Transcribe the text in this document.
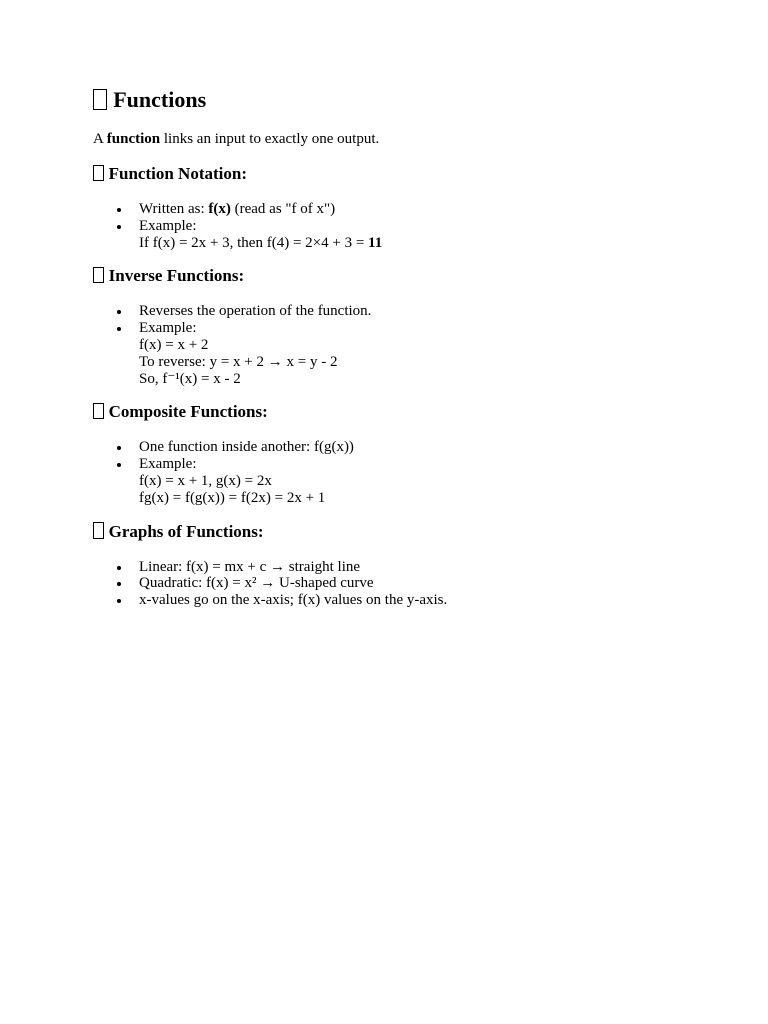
Functions

A function links an input to exactly one output.

Function Notation:
Written as: f(x) (read as "f of x")
Example:
If f(x) = 2x + 3, then f(4) = 2×4 + 3 = 11
Inverse Functions:
Reverses the operation of the function.
Example:
f(x) = x + 2
To reverse: y = x + 2 → x = y - 2
So, f⁻¹(x) = x - 2
Composite Functions:
One function inside another: f(g(x))
Example:
f(x) = x + 1, g(x) = 2x
fg(x) = f(g(x)) = f(2x) = 2x + 1
Graphs of Functions:
Linear: f(x) = mx + c → straight line
Quadratic: f(x) = x² → U-shaped curve
x-values go on the x-axis; f(x) values on the y-axis.
